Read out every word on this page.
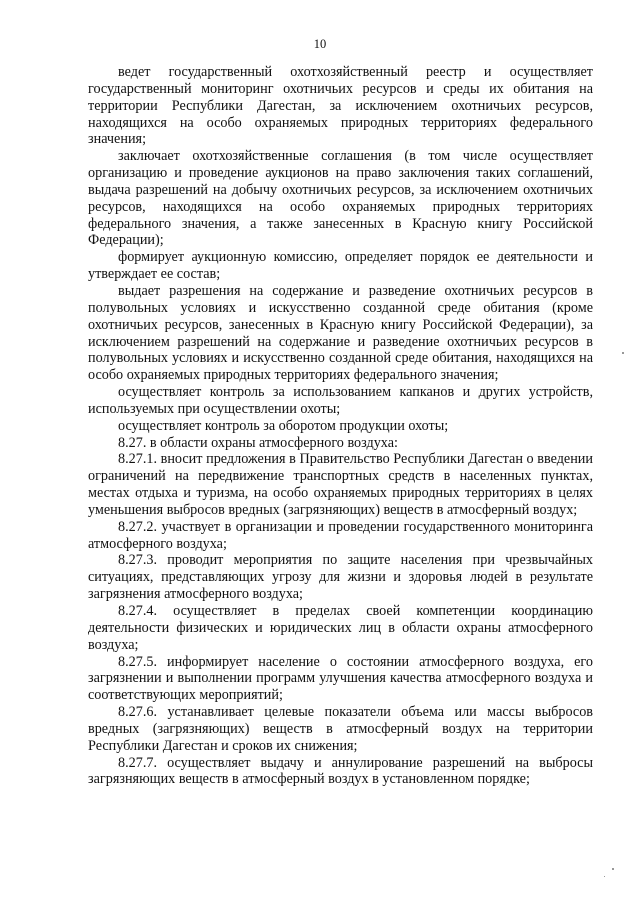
10

ведет государственный охотхозяйственный реестр и осуществляет государственный мониторинг охотничьих ресурсов и среды их обитания на территории Республики Дагестан, за исключением охотничьих ресурсов, находящихся на особо охраняемых природных территориях федерального значения;

заключает охотхозяйственные соглашения (в том числе осуществляет организацию и проведение аукционов на право заключения таких соглашений, выдача разрешений на добычу охотничьих ресурсов, за исключением охотничьих ресурсов, находящихся на особо охраняемых природных территориях федерального значения, а также занесенных в Красную книгу Российской Федерации);

формирует аукционную комиссию, определяет порядок ее деятельности и утверждает ее состав;

выдает разрешения на содержание и разведение охотничьих ресурсов в полувольных условиях и искусственно созданной среде обитания (кроме охотничьих ресурсов, занесенных в Красную книгу Российской Федерации), за исключением разрешений на содержание и разведение охотничьих ресурсов в полувольных условиях и искусственно созданной среде обитания, находящихся на особо охраняемых природных территориях федерального значения;

осуществляет контроль за использованием капканов и других устройств, используемых при осуществлении охоты;

осуществляет контроль за оборотом продукции охоты;

8.27. в области охраны атмосферного воздуха:

8.27.1. вносит предложения в Правительство Республики Дагестан о введении ограничений на передвижение транспортных средств в населенных пунктах, местах отдыха и туризма, на особо охраняемых природных территориях в целях уменьшения выбросов вредных (загрязняющих) веществ в атмосферный воздух;

8.27.2. участвует в организации и проведении государственного мониторинга атмосферного воздуха;

8.27.3. проводит мероприятия по защите населения при чрезвычайных ситуациях, представляющих угрозу для жизни и здоровья людей в результате загрязнения атмосферного воздуха;

8.27.4. осуществляет в пределах своей компетенции координацию деятельности физических и юридических лиц в области охраны атмосферного воздуха;

8.27.5. информирует население о состоянии атмосферного воздуха, его загрязнении и выполнении программ улучшения качества атмосферного воздуха и соответствующих мероприятий;

8.27.6. устанавливает целевые показатели объема или массы выбросов вредных (загрязняющих) веществ в атмосферный воздух на территории Республики Дагестан и сроков их снижения;

8.27.7. осуществляет выдачу и аннулирование разрешений на выбросы загрязняющих веществ в атмосферный воздух в установленном порядке;
